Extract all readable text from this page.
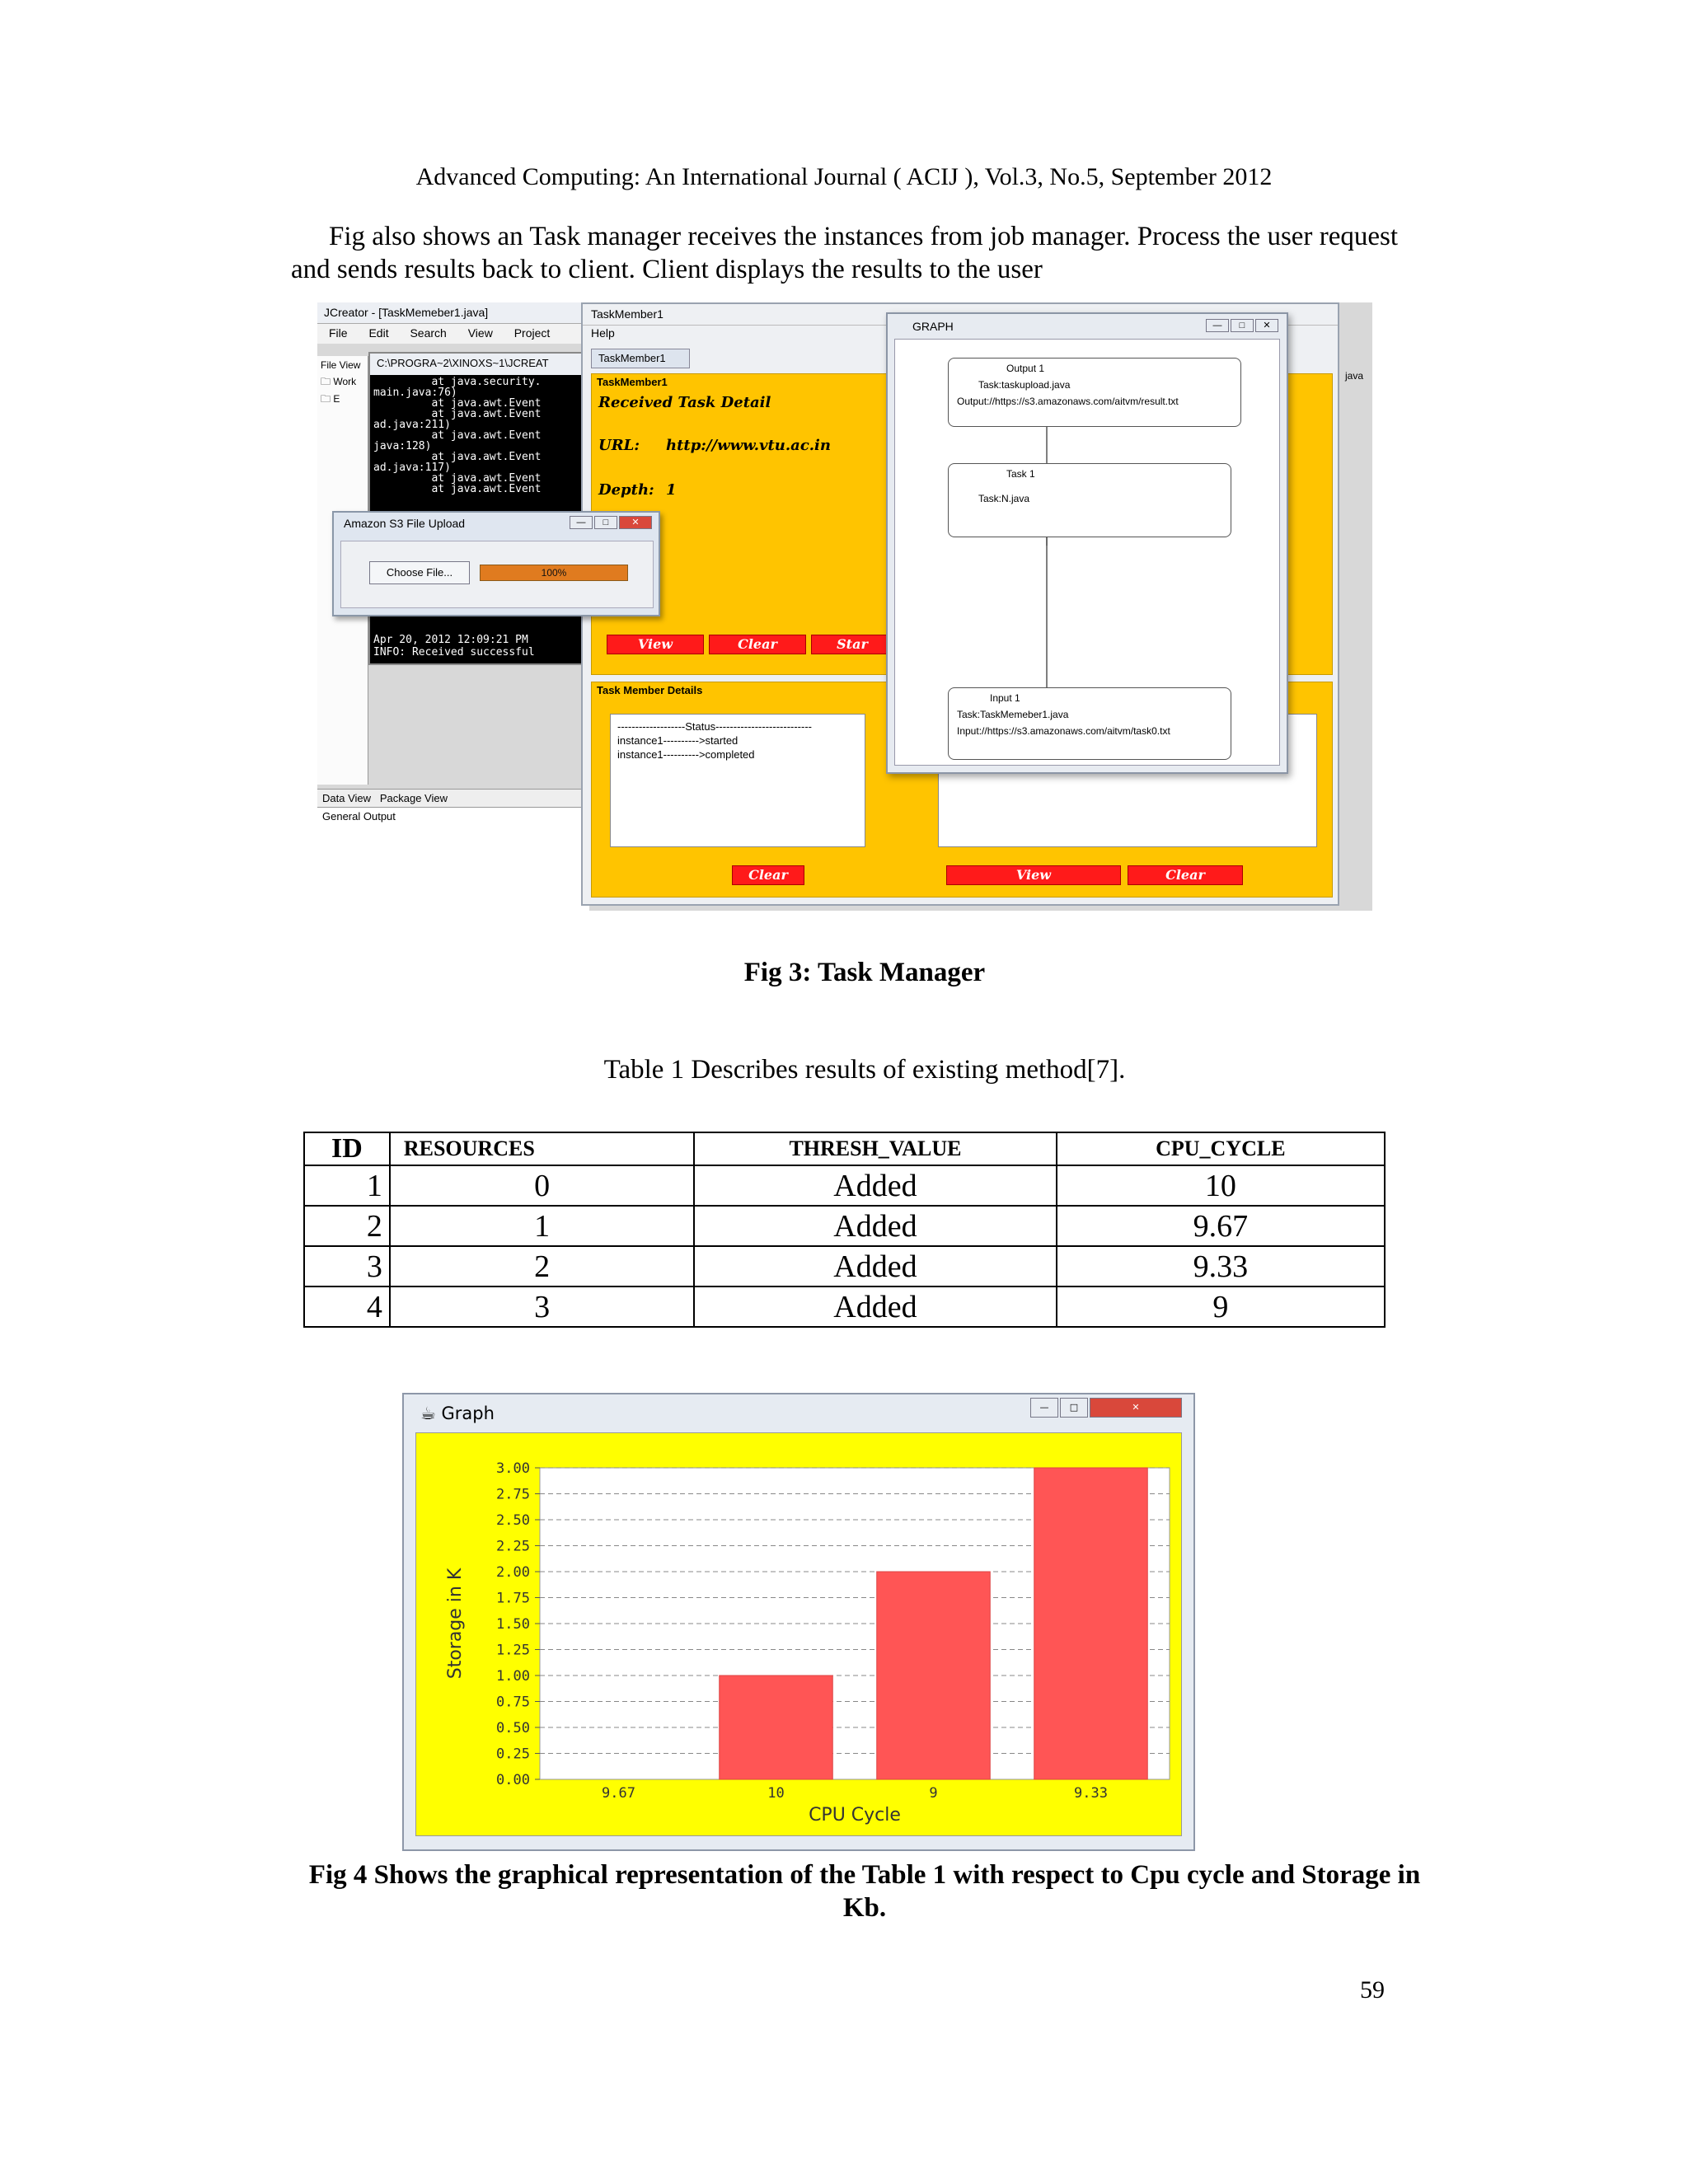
Advanced Computing: An International Journal ( ACIJ ), Vol.3, No.5, September 2012
Fig also shows an Task manager receives the instances from job manager. Process the user request and sends results back to client. Client displays the results to the user
JCreator - [TaskMemeber1.java]
File Edit Search View Project
File View
🗀 Work
🗀 E
Data View Package View
General Output
C:\PROGRA~2\XINOXS~1\JCREAT
at java.security.
main.java:76)
at java.awt.Event
at java.awt.Event
ad.java:211)
at java.awt.Event
java:128)
at java.awt.Event
ad.java:117)
at java.awt.Event
at java.awt.Event
Apr 20, 2012 12:09:21 PM
INFO: Received successful
TaskMember1
Help
TaskMember1
TaskMember1
Received Task Detail
URL: http://www.vtu.ac.in
Depth: 1
View	Clear	Star
Task Member Details
-------------------Status---------------------------
instance1---------->started
instance1---------->completed
Clear	View	Clear
java
Amazon S3 File Upload	—	□	✕
Choose File...	100%
GRAPH	—	□	✕
Output 1
Task:taskupload.java
Output://https://s3.amazonaws.com/aitvm/result.txt
Task 1
Task:N.java
Input 1
Task:TaskMemeber1.java
Input://https://s3.amazonaws.com/aitvm/task0.txt
Fig 3: Task Manager
Table 1 Describes results of existing method[7].
ID	RESOURCES	THRESH_VALUE	CPU_CYCLE
1	0	Added	10
2	1	Added	9.67
3	2	Added	9.33
4	3	Added	9
☕ Graph	—	□	✕
0.00
0.25
0.50
0.75
1.00
1.25
1.50
1.75
2.00
2.25
2.50
2.75
3.00
9.67	10	9	9.33
CPU Cycle
Storage in K
Fig 4 Shows the graphical representation of the Table 1 with respect to Cpu cycle and Storage in Kb.
59
